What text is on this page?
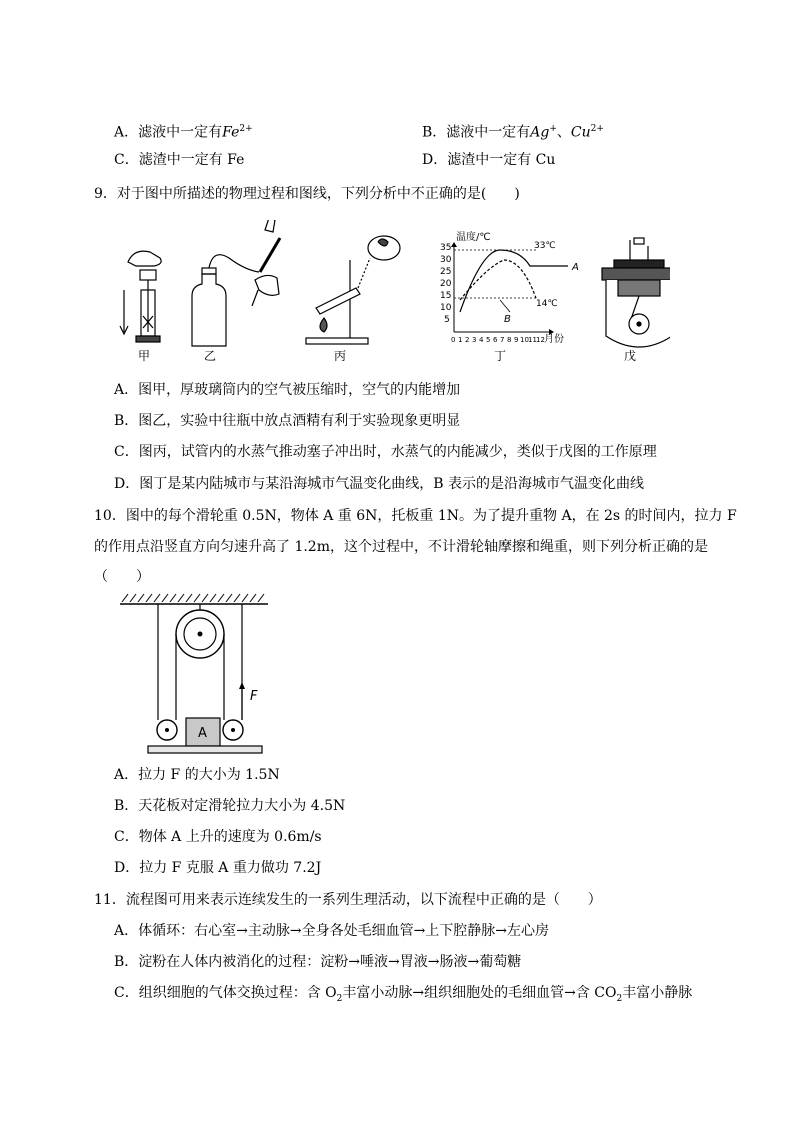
A．滤液中一定有$Fe^{2+}$	B．滤液中一定有Ag+、$Cu^{2+}$
C．滤渣中一定有 Fe	D．滤渣中一定有 Cu
9．对于图中所描述的物理过程和图线，下列分析中不正确的是(　　)
甲	乙	丙
温度/℃
35
30
25
20
15
10
5
0 1 2 3 4 5 6 7 8 9 10 11 12 月份
33℃
14℃
A
B
丁	戊
A．图甲，厚玻璃筒内的空气被压缩时，空气的内能增加
B．图乙，实验中往瓶中放点酒精有利于实验现象更明显
C．图丙，试管内的水蒸气推动塞子冲出时，水蒸气的内能减少，类似于戊图的工作原理
D．图丁是某内陆城市与某沿海城市气温变化曲线，B 表示的是沿海城市气温变化曲线
10．图中的每个滑轮重 0.5N，物体 A 重 6N，托板重 1N。为了提升重物 A，在 2s 的时间内，拉力 F
的作用点沿竖直方向匀速升高了 1.2m，这个过程中，不计滑轮轴摩擦和绳重，则下列分析正确的是
（　　）
F
A
A．拉力 F 的大小为 1.5N
B．天花板对定滑轮拉力大小为 4.5N
C．物体 A 上升的速度为 0.6m/s
D．拉力 F 克服 A 重力做功 7.2J
11．流程图可用来表示连续发生的一系列生理活动，以下流程中正确的是（　　）
A．体循环：右心室→主动脉→全身各处毛细血管→上下腔静脉→左心房
B．淀粉在人体内被消化的过程：淀粉→唾液→胃液→肠液→葡萄糖
C．组织细胞的气体交换过程：含 $O_2$丰富小动脉→组织细胞处的毛细血管→含 $CO_2$丰富小静脉
